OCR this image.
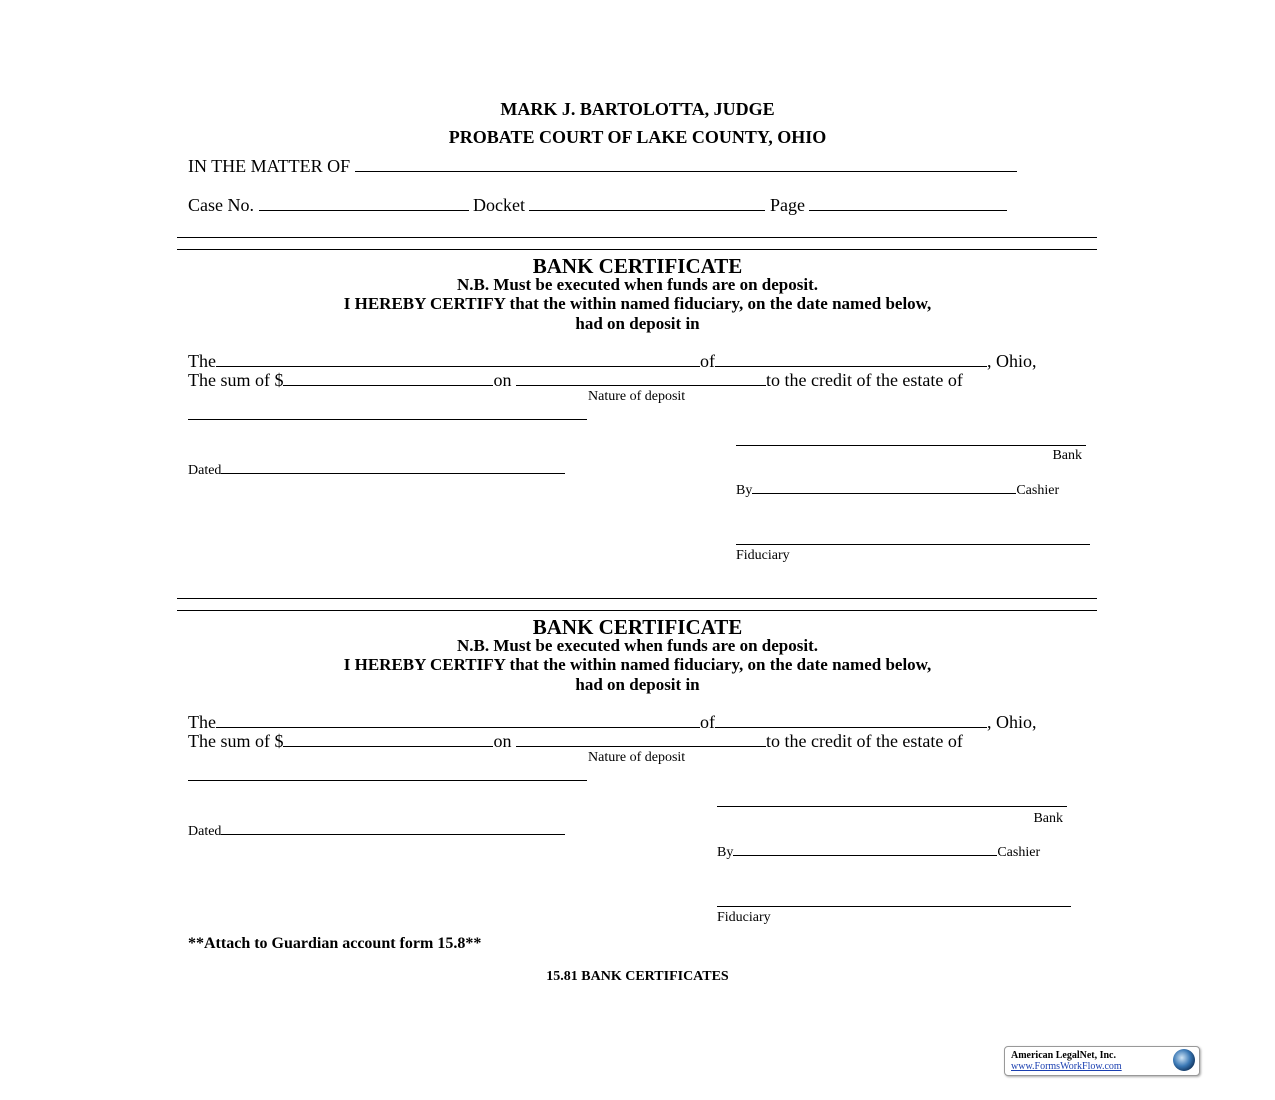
MARK J. BARTOLOTTA, JUDGE
PROBATE COURT OF LAKE COUNTY, OHIO
IN THE MATTER OF
Case No.	Docket	Page
BANK CERTIFICATE
N.B. Must be executed when funds are on deposit.
I HEREBY CERTIFY that the within named fiduciary, on the date named below,
had on deposit in
The	of	, Ohio,
The sum of $	on	to the credit of the estate of
Nature of deposit
Bank
Dated
By	Cashier
Fiduciary
BANK CERTIFICATE
N.B. Must be executed when funds are on deposit.
I HEREBY CERTIFY that the within named fiduciary, on the date named below,
had on deposit in
The	of	, Ohio,
The sum of $	on	to the credit of the estate of
Nature of deposit
Bank
Dated
By	Cashier
Fiduciary
**Attach to Guardian account form 15.8**
15.81 BANK CERTIFICATES
American LegalNet, Inc.
www.FormsWorkFlow.com
